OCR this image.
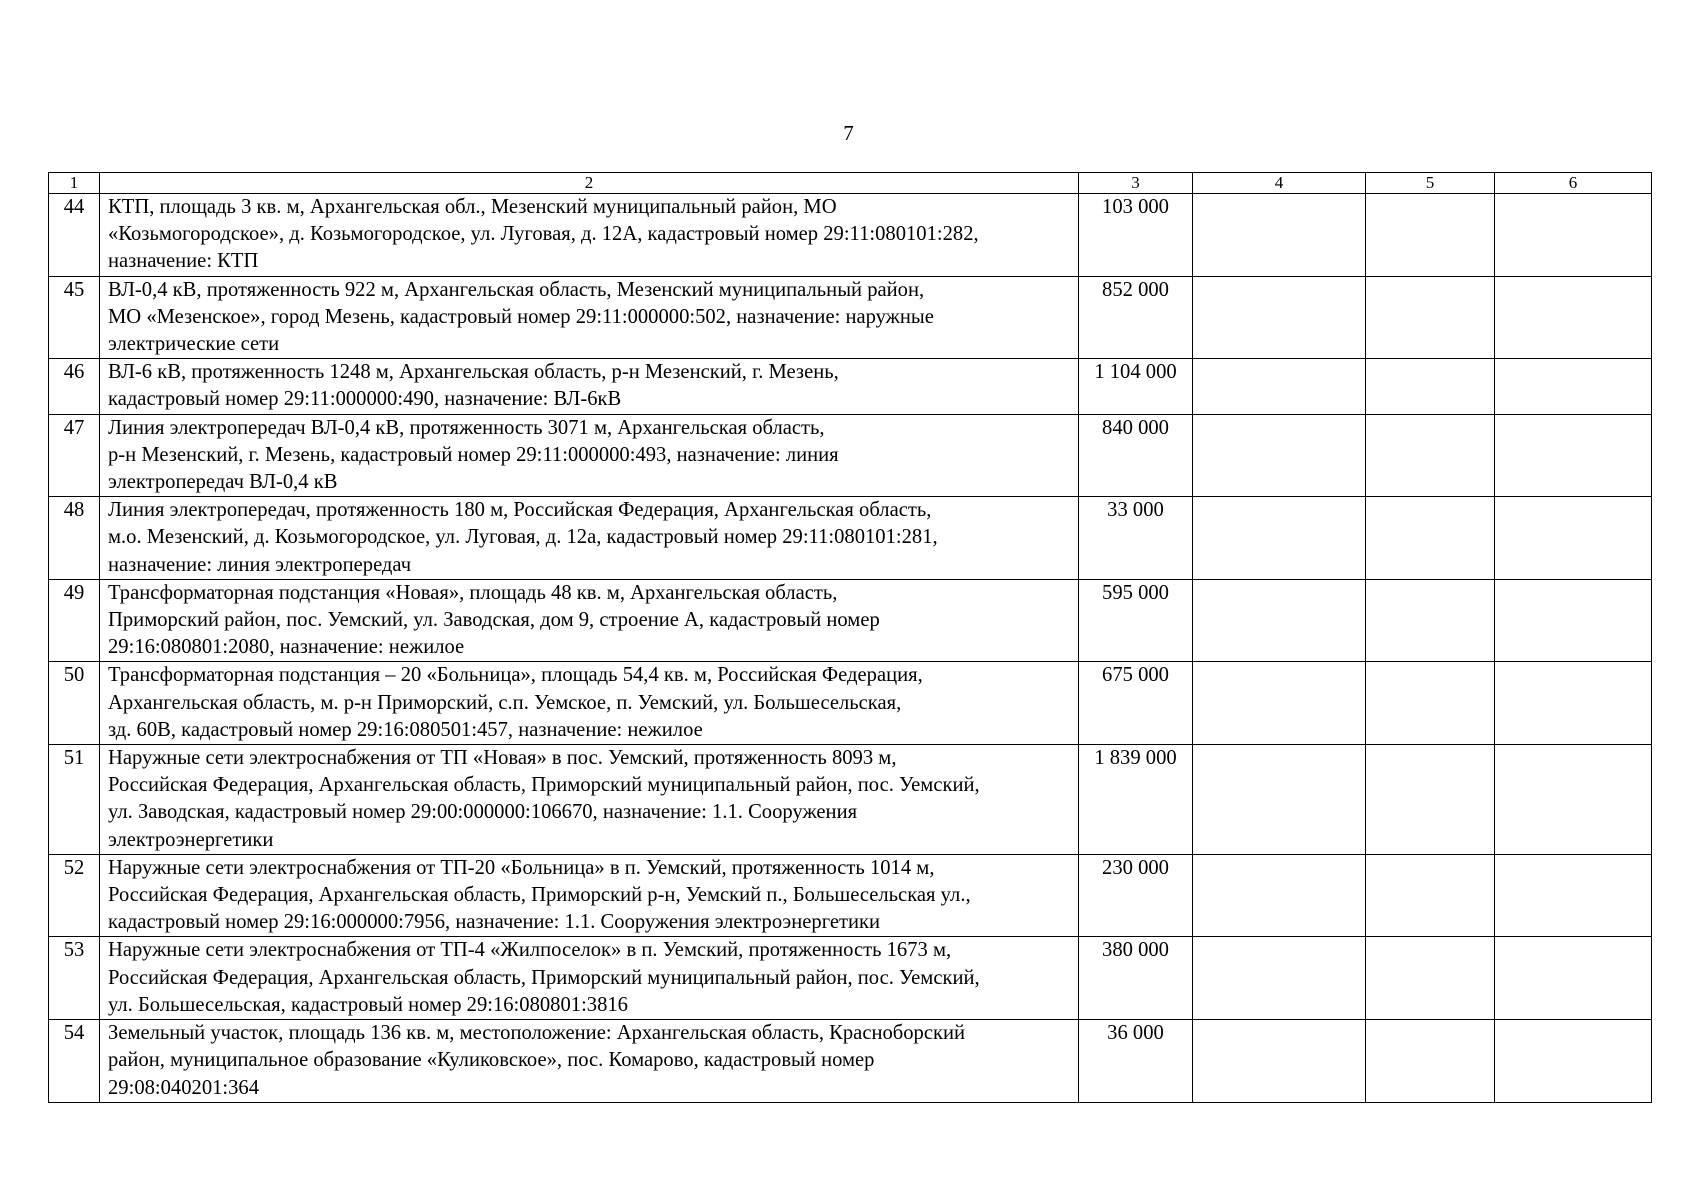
7
1	2	3	4	5	6
44	КТП, площадь 3 кв. м, Архангельская обл., Мезенский муниципальный район, МО
«Козьмогородское», д. Козьмогородское, ул. Луговая, д. 12А, кадастровый номер 29:11:080101:282,
назначение: КТП	103 000			
45	ВЛ-0,4 кВ, протяженность 922 м, Архангельская область, Мезенский муниципальный район,
МО «Мезенское», город Мезень, кадастровый номер 29:11:000000:502, назначение: наружные
электрические сети	852 000			
46	ВЛ-6 кВ, протяженность 1248 м, Архангельская область, р-н Мезенский, г. Мезень,
кадастровый номер 29:11:000000:490, назначение: ВЛ-6кВ	1 104 000			
47	Линия электропередач ВЛ-0,4 кВ, протяженность 3071 м, Архангельская область,
р-н Мезенский, г. Мезень, кадастровый номер 29:11:000000:493, назначение: линия
электропередач ВЛ-0,4 кВ	840 000			
48	Линия электропередач, протяженность 180 м, Российская Федерация, Архангельская область,
м.о. Мезенский, д. Козьмогородское, ул. Луговая, д. 12а, кадастровый номер 29:11:080101:281,
назначение: линия электропередач	33 000			
49	Трансформаторная подстанция «Новая», площадь 48 кв. м, Архангельская область,
Приморский район, пос. Уемский, ул. Заводская, дом 9, строение А, кадастровый номер
29:16:080801:2080, назначение: нежилое	595 000			
50	Трансформаторная подстанция – 20 «Больница», площадь 54,4 кв. м, Российская Федерация,
Архангельская область, м. р-н Приморский, с.п. Уемское, п. Уемский, ул. Большесельская,
зд. 60В, кадастровый номер 29:16:080501:457, назначение: нежилое	675 000			
51	Наружные сети электроснабжения от ТП «Новая» в пос. Уемский, протяженность 8093 м,
Российская Федерация, Архангельская область, Приморский муниципальный район, пос. Уемский,
ул. Заводская, кадастровый номер 29:00:000000:106670, назначение: 1.1. Сооружения
электроэнергетики	1 839 000			
52	Наружные сети электроснабжения от ТП-20 «Больница» в п. Уемский, протяженность 1014 м,
Российская Федерация, Архангельская область, Приморский р-н, Уемский п., Большесельская ул.,
кадастровый номер 29:16:000000:7956, назначение: 1.1. Сооружения электроэнергетики	230 000			
53	Наружные сети электроснабжения от ТП-4 «Жилпоселок» в п. Уемский, протяженность 1673 м,
Российская Федерация, Архангельская область, Приморский муниципальный район, пос. Уемский,
ул. Большесельская, кадастровый номер 29:16:080801:3816	380 000			
54	Земельный участок, площадь 136 кв. м, местоположение: Архангельская область, Красноборский
район, муниципальное образование «Куликовское», пос. Комарово, кадастровый номер
29:08:040201:364	36 000			
